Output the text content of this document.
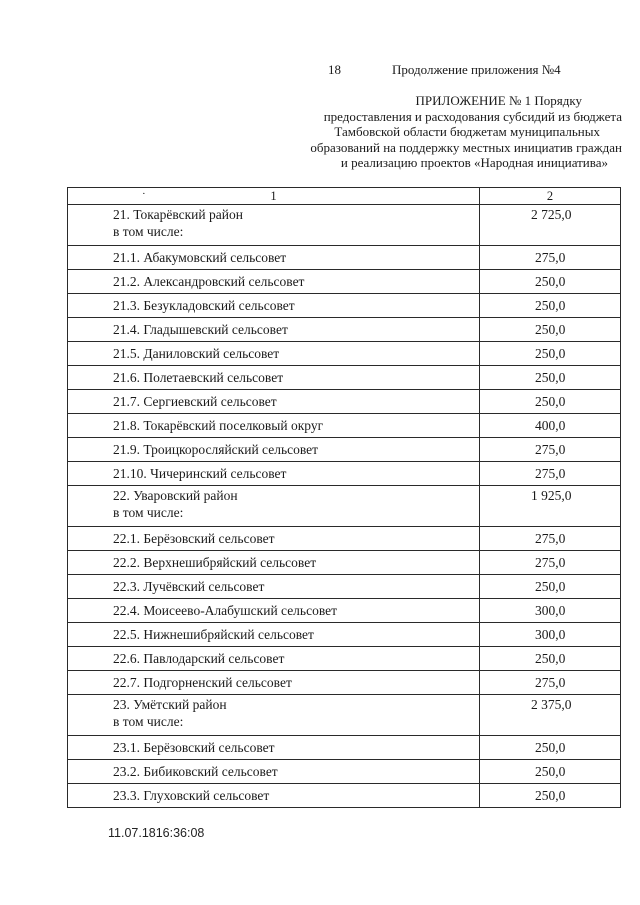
18	Продолжение приложения №4
ПРИЛОЖЕНИЕ № 1 Порядку
предоставления и расходования субсидий из бюджета
Тамбовской области бюджетам муниципальных
образований на поддержку местных инициатив граждан
и реализацию проектов «Народная инициатива»
· 1	2

21. Токарёвский район
в том числе:	2 725,0
21.1. Абакумовский сельсовет	275,0
21.2. Александровский сельсовет	250,0
21.3. Безукладовский сельсовет	250,0
21.4. Гладышевский сельсовет	250,0
21.5. Даниловский сельсовет	250,0
21.6. Полетаевский сельсовет	250,0
21.7. Сергиевский сельсовет	250,0
21.8. Токарёвский поселковый округ	400,0
21.9. Троицкоросляйский сельсовет	275,0
21.10. Чичеринский сельсовет	275,0

22. Уваровский район
в том числе:	1 925,0
22.1. Берёзовский сельсовет	275,0
22.2. Верхнешибряйский сельсовет	275,0
22.3. Лучёвский сельсовет	250,0
22.4. Моисеево-Алабушский сельсовет	300,0
22.5. Нижнешибряйский сельсовет	300,0
22.6. Павлодарский сельсовет	250,0
22.7. Подгорненский сельсовет	275,0

23. Умётский район
в том числе:	2 375,0
23.1. Берёзовский сельсовет	250,0
23.2. Бибиковский сельсовет	250,0
23.3. Глуховский сельсовет	250,0
11.07.1816:36:08
